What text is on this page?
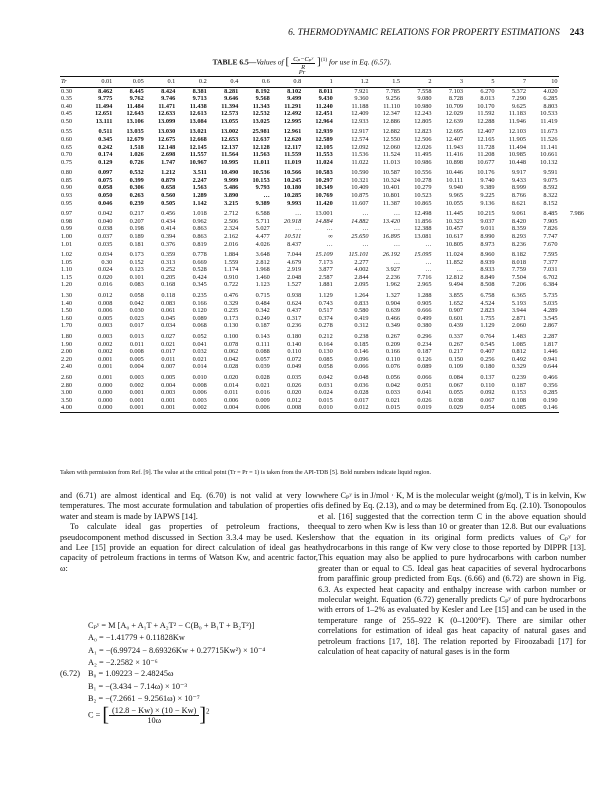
6. THERMODYNAMIC RELATIONS FOR PROPERTY ESTIMATIONS 243
TABLE 6.5—Values of [ $\frac{\text{Cₚ−Cₚʸ}}{R} ]^{(1)}$ for use in Eq. (6.57).
Pr
Tr	0.01	0.05	0.1	0.2	0.4	0.6	0.8	1	1.2	1.5	2	3	5	7	10	
0.30	8.462	8.445	8.424	8.381	8.281	8.192	8.102	8.011	7.921	7.785	7.558	7.103	6.270	5.372	4.020	
0.35	9.775	9.762	9.746	9.713	9.646	9.568	9.499	9.430	9.360	9.256	9.080	8.728	8.013	7.290	6.285	
0.40	11.494	11.484	11.471	11.438	11.394	11.343	11.291	11.240	11.188	11.110	10.980	10.709	10.170	9.625	8.803	
0.45	12.651	12.643	12.633	12.613	12.573	12.532	12.492	12.451	12.409	12.347	12.243	12.029	11.592	11.183	10.533	
0.50	13.111	13.106	13.099	13.084	13.055	13.025	12.995	12.964	12.933	12.886	12.805	12.639	12.288	11.946	11.419	
0.55	0.511	13.035	13.030	13.021	13.002	25.981	12.961	12.939	12.917	12.882	12.823	12.695	12.407	12.103	11.673	
0.60	0.345	12.679	12.675	12.668	12.653	12.637	12.620	12.589	12.574	12.550	12.506	12.407	12.165	11.905	11.526	
0.65	0.242	1.518	12.148	12.145	12.137	12.128	12.117	12.105	12.092	12.060	12.026	11.943	11.728	11.494	11.141	
0.70	0.174	1.026	2.698	11.557	11.564	11.563	11.559	11.553	11.536	11.524	11.495	11.416	11.208	10.985	10.661	
0.75	0.129	0.726	1.747	10.967	10.995	11.011	11.019	11.024	11.022	11.013	10.986	10.898	10.677	10.448	10.132	
0.80	0.097	0.532	1.212	3.511	10.490	10.536	10.566	10.583	10.590	10.587	10.556	10.446	10.176	9.917	9.591	
0.85	0.075	0.399	0.879	2.247	9.999	10.153	10.245	10.297	10.321	10.324	10.278	10.111	9.740	9.433	9.075	
0.90	0.058	0.306	0.658	1.563	5.486	9.793	10.180	10.349	10.409	10.401	10.279	9.940	9.389	8.999	8.592	
0.93	0.050	0.263	0.560	1.289	3.890	…	10.285	10.769	10.875	10.801	10.523	9.965	9.225	8.766	8.322	
0.95	0.046	0.239	0.505	1.142	3.215	9.389	9.993	11.420	11.607	11.387	10.865	10.055	9.136	8.621	8.152	
0.97	0.042	0.217	0.456	1.018	2.712	6.588	…	13.001	…	…	12.498	11.445	10.215	9.061	8.485	7.986
0.98	0.040	0.207	0.434	0.962	2.506	5.711	20.918	14.884	14.882	13.420	11.856	10.323	9.037	8.420	7.905	
0.99	0.038	0.198	0.414	0.863	2.324	5.027	…	…	…	…	12.388	10.457	9.011	8.359	7.826	
1.00	0.037	0.189	0.394	0.863	2.162	4.477	10.511	∞	25.650	16.895	13.081	10.617	8.990	8.293	7.747	
1.01	0.035	0.181	0.376	0.819	2.016	4.026	8.437	…	…	…	…	10.805	8.973	8.236	7.670	
1.02	0.034	0.173	0.359	0.778	1.884	3.648	7.044	15.109	115.101	26.192	15.095	11.024	8.960	8.182	7.595	
1.05	0.30	0.152	0.313	0.669	1.559	2.812	4.679	7.173	2.277	…	…	11.852	8.939	8.018	7.377	
1.10	0.024	0.123	0.252	0.528	1.174	1.968	2.919	3.877	4.002	3.927	…	…	8.933	7.759	7.031	
1.15	0.020	0.101	0.205	0.424	0.910	1.460	2.048	2.587	2.844	2.236	7.716	12.812	8.849	7.504	6.702	
1.20	0.016	0.083	0.168	0.345	0.722	1.123	1.527	1.881	2.095	1.962	2.965	9.494	8.508	7.206	6.384	
1.30	0.012	0.058	0.118	0.235	0.476	0.715	0.938	1.129	1.264	1.327	1.288	3.855	6.758	6.365	5.735	
1.40	0.008	0.042	0.083	0.166	0.329	0.484	0.624	0.743	0.833	0.904	0.905	1.652	4.524	5.193	5.035	
1.50	0.006	0.030	0.061	0.120	0.235	0.342	0.437	0.517	0.580	0.639	0.666	0.907	2.823	3.944	4.289	
1.60	0.005	0.023	0.045	0.089	0.173	0.249	0.317	0.374	0.419	0.466	0.499	0.601	1.755	2.871	3.545	
1.70	0.003	0.017	0.034	0.068	0.130	0.187	0.236	0.278	0.312	0.349	0.380	0.439	1.129	2.060	2.867	
1.80	0.003	0.013	0.027	0.052	0.100	0.143	0.180	0.212	0.238	0.267	0.296	0.337	0.764	1.483	2.287	
1.90	0.002	0.011	0.021	0.041	0.078	0.111	0.140	0.164	0.185	0.209	0.234	0.267	0.545	1.085	1.817	
2.00	0.002	0.008	0.017	0.032	0.062	0.088	0.110	0.130	0.146	0.166	0.187	0.217	0.407	0.812	1.446	
2.20	0.001	0.005	0.011	0.021	0.042	0.057	0.072	0.085	0.096	0.110	0.126	0.150	0.256	0.492	0.941	
2.40	0.001	0.004	0.007	0.014	0.028	0.039	0.049	0.058	0.066	0.076	0.089	0.109	0.180	0.329	0.644	
2.60	0.001	0.003	0.005	0.010	0.020	0.028	0.035	0.042	0.048	0.056	0.066	0.084	0.137	0.239	0.466	
2.80	0.000	0.002	0.004	0.008	0.014	0.021	0.026	0.031	0.036	0.042	0.051	0.067	0.110	0.187	0.356	
3.00	0.000	0.001	0.003	0.006	0.011	0.016	0.020	0.024	0.028	0.033	0.041	0.055	0.092	0.153	0.285	
3.50	0.000	0.001	0.001	0.003	0.006	0.009	0.012	0.015	0.017	0.021	0.026	0.038	0.067	0.108	0.190	
4.00	0.000	0.001	0.001	0.002	0.004	0.006	0.008	0.010	0.012	0.015	0.019	0.029	0.054	0.085	0.146	
Taken with permission from Ref. [9]. The value at the critical point (Tr = Pr = 1) is taken from the API-TDB [5]. Bold numbers indicate liquid region.

and (6.71) are almost identical and Eq. (6.70) is not valid at very low temperatures. The most accurate formulation and tabulation of properties of water and steam is made by IAPWS [14].

To calculate ideal gas properties of petroleum fractions, the pseudocomponent method discussed in Section 3.3.4 may be used. Kesler and Lee [15] provide an equation for direct calculation of ideal gas heat capacity of petroleum fractions in terms of Watson Kw, and acentric factor, ω:

Cₚʸ = M [A₀ + A₁T + A₂T² − C(B₀ + B₁T + B₂T²)]
A₀ = −1.41779 + 0.11828Kw
A₁ = −(6.99724 − 8.69326Kw + 0.27715Kw²) × 10⁻⁴
A₂ = −2.2582 × 10⁻⁶
(6.72) B₀ = 1.09223 − 2.48245ω
B₁ = −(3.434 − 7.14ω) × 10⁻³
B₂ = −(7.2661 − 9.2561ω) × 10⁻⁷
C = [ $\frac{(12.8 - Kw) \times (10 - Kw)}{10\omega} ]^2$

where Cₚʸ is in J/mol · K, M is the molecular weight (g/mol), T is in kelvin, Kw is defined by Eq. (2.13), and ω may be determined from Eq. (2.10). Tsonopoulos et al. [16] suggested that the correction term C in the above equation should equal to zero when Kw is less than 10 or greater than 12.8. But our evaluations show that the equation in its original form predicts values of Cₚʸ for hydrocarbons in this range of Kw very close to those reported by DIPPR [13]. This equation may also be applied to pure hydrocarbons with carbon number greater than or equal to C5. Ideal gas heat capacities of several hydrocarbons from paraffinic group predicted from Eqs. (6.66) and (6.72) are shown in Fig. 6.3. As expected heat capacity and enthalpy increase with carbon number or molecular weight. Equation (6.72) generally predicts Cₚʸ of pure hydrocarbons with errors of 1–2% as evaluated by Kesler and Lee [15] and can be used in the temperature range of 255–922 K (0–1200°F). There are similar other correlations for estimation of ideal gas heat capacity of natural gases and petroleum fractions [17, 18]. The relation reported by Firoozabadi [17] for calculation of heat capacity of natural gases is in the form
